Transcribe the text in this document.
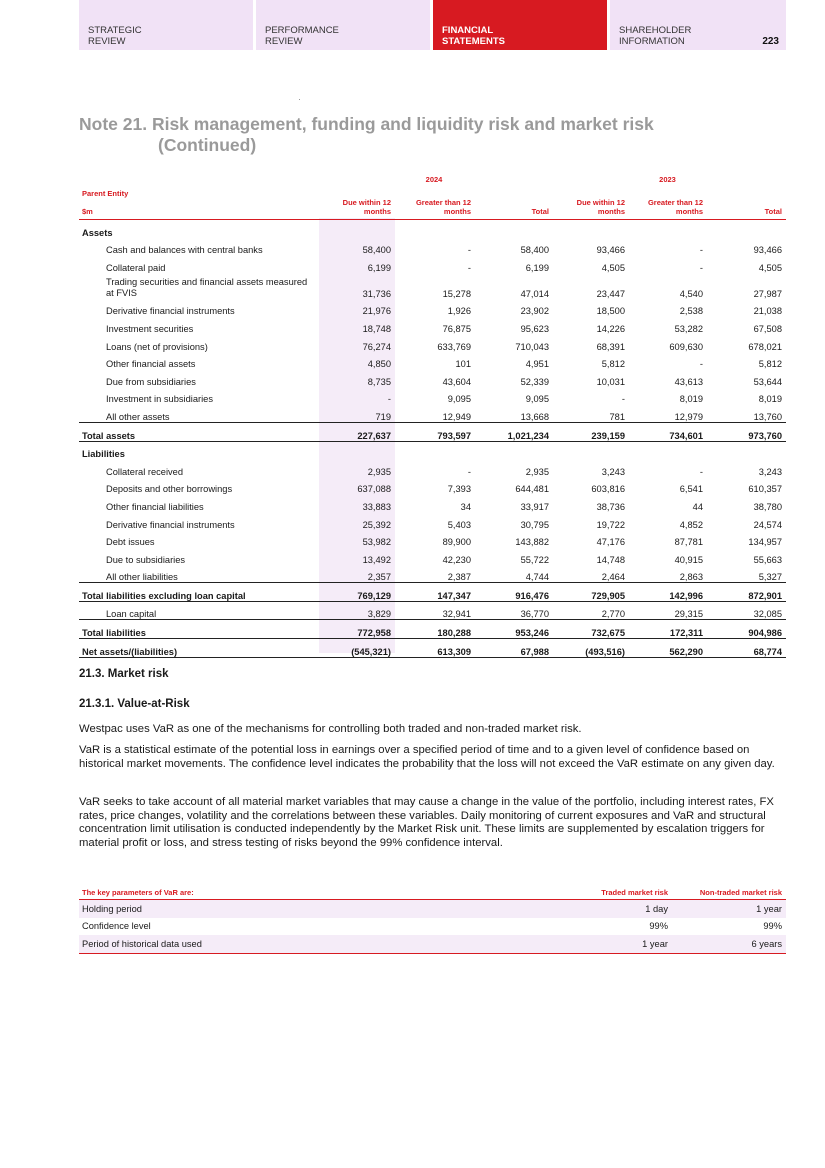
STRATEGIC
REVIEW
PERFORMANCE
REVIEW
FINANCIAL
STATEMENTS
SHAREHOLDER
INFORMATION	223
Note 21. Risk management, funding and liquidity risk and market risk
(Continued)
	2024			2023		

Parent Entity
$m	Due within 12 months	Greater than 12 months	Total	Due within 12 months	Greater than 12 months	Total
Assets						
Cash and balances with central banks	58,400	-	58,400	93,466	-	93,466
Collateral paid	6,199	-	6,199	4,505	-	4,505
Trading securities and financial assets measured at FVIS	31,736	15,278	47,014	23,447	4,540	27,987
Derivative financial instruments	21,976	1,926	23,902	18,500	2,538	21,038
Investment securities	18,748	76,875	95,623	14,226	53,282	67,508
Loans (net of provisions)	76,274	633,769	710,043	68,391	609,630	678,021
Other financial assets	4,850	101	4,951	5,812	-	5,812
Due from subsidiaries	8,735	43,604	52,339	10,031	43,613	53,644
Investment in subsidiaries	-	9,095	9,095	-	8,019	8,019
All other assets	719	12,949	13,668	781	12,979	13,760
Total assets	227,637	793,597	1,021,234	239,159	734,601	973,760
Liabilities						
Collateral received	2,935	-	2,935	3,243	-	3,243
Deposits and other borrowings	637,088	7,393	644,481	603,816	6,541	610,357
Other financial liabilities	33,883	34	33,917	38,736	44	38,780
Derivative financial instruments	25,392	5,403	30,795	19,722	4,852	24,574
Debt issues	53,982	89,900	143,882	47,176	87,781	134,957
Due to subsidiaries	13,492	42,230	55,722	14,748	40,915	55,663
All other liabilities	2,357	2,387	4,744	2,464	2,863	5,327
Total liabilities excluding loan capital	769,129	147,347	916,476	729,905	142,996	872,901
Loan capital	3,829	32,941	36,770	2,770	29,315	32,085
Total liabilities	772,958	180,288	953,246	732,675	172,311	904,986
Net assets/(liabilities)	(545,321)	613,309	67,988	(493,516)	562,290	68,774
21.3. Market risk
21.3.1. Value-at-Risk

Westpac uses VaR as one of the mechanisms for controlling both traded and non-traded market risk.

VaR is a statistical estimate of the potential loss in earnings over a specified period of time and to a given level of confidence based on historical market movements. The confidence level indicates the probability that the loss will not exceed the VaR estimate on any given day.

VaR seeks to take account of all material market variables that may cause a change in the value of the portfolio, including interest rates, FX rates, price changes, volatility and the correlations between these variables. Daily monitoring of current exposures and VaR and structural concentration limit utilisation is conducted independently by the Market Risk unit. These limits are supplemented by escalation triggers for material profit or loss, and stress testing of risks beyond the 99% confidence interval.

The key parameters of VaR are:	Traded market risk	Non-traded market risk
Holding period	1 day	1 year
Confidence level	99%	99%
Period of historical data used	1 year	6 years
